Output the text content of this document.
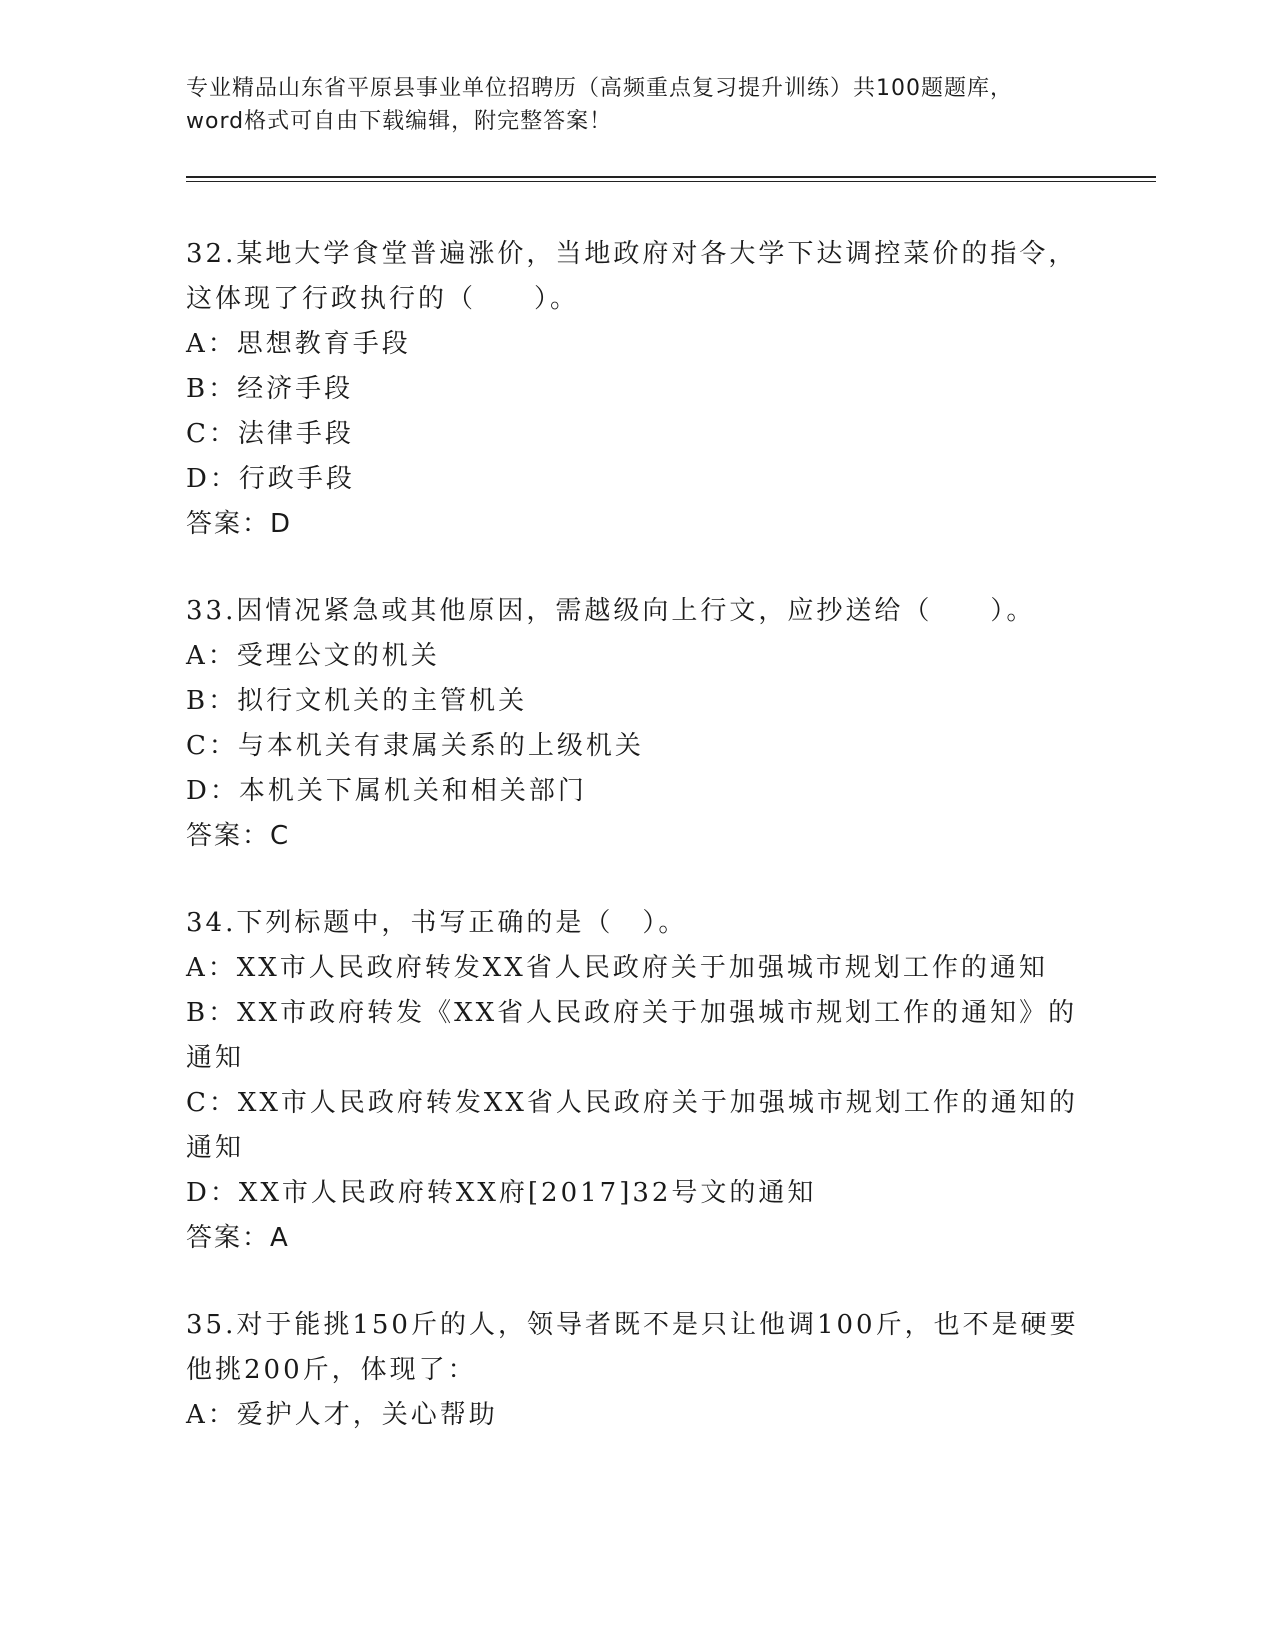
专业精品山东省平原县事业单位招聘历（高频重点复习提升训练）共100题题库，word格式可自由下载编辑，附完整答案！
32.某地大学食堂普遍涨价，当地政府对各大学下达调控菜价的指令，这体现了行政执行的（　　）。
A：思想教育手段
B：经济手段
C：法律手段
D：行政手段
答案：D
33.因情况紧急或其他原因，需越级向上行文，应抄送给（　　）。
A：受理公文的机关
B：拟行文机关的主管机关
C：与本机关有隶属关系的上级机关
D：本机关下属机关和相关部门
答案：C
34.下列标题中，书写正确的是（　）。
A：XX市人民政府转发XX省人民政府关于加强城市规划工作的通知
B：XX市政府转发《XX省人民政府关于加强城市规划工作的通知》的通知
C：XX市人民政府转发XX省人民政府关于加强城市规划工作的通知的通知
D：XX市人民政府转XX府[2017]32号文的通知
答案：A
35.对于能挑150斤的人，领导者既不是只让他调100斤，也不是硬要他挑200斤，体现了：
A：爱护人才，关心帮助
